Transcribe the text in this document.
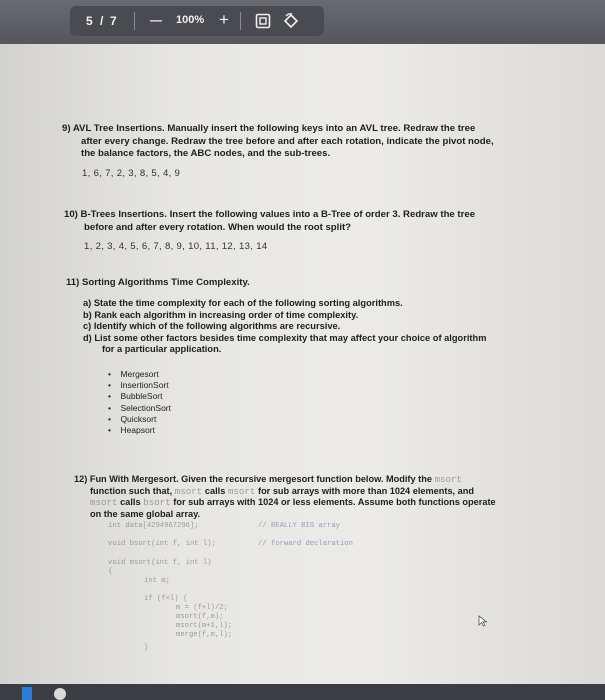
5 / 7	— 100% +
9) AVL Tree Insertions. Manually insert the following keys into an AVL tree. Redraw the tree
after every change. Redraw the tree before and after each rotation, indicate the pivot node,
the balance factors, the ABC nodes, and the sub-trees.
1, 6, 7, 2, 3, 8, 5, 4, 9
10) B-Trees Insertions. Insert the following values into a B-Tree of order 3. Redraw the tree
before and after every rotation. When would the root split?
1, 2, 3, 4, 5, 6, 7, 8, 9, 10, 11, 12, 13, 14
11) Sorting Algorithms Time Complexity.
a) State the time complexity for each of the following sorting algorithms.
b) Rank each algorithm in increasing order of time complexity.
c) Identify which of the following algorithms are recursive.
d) List some other factors besides time complexity that may affect your choice of algorithm
for a particular application.
•    Mergesort
•    InsertionSort
•    BubbleSort
•    SelectionSort
•    Quicksort
•    Heapsort
12) Fun With Mergesort. Given the recursive mergesort function below. Modify the msort
function such that, msort calls msort for sub arrays with more than 1024 elements, and
msort calls bsort for sub arrays with 1024 or less elements. Assume both functions operate
on the same global array.

int data[4294967296];

	// REALLY BIG array

void bsort(int f, int l);

	// forward declaration

void msort(int f, int l)

{

int m;

if (f<l) {

m = (f+l)/2;

msort(f,m);

msort(m+1,l);

merge(f,m,l);

}
